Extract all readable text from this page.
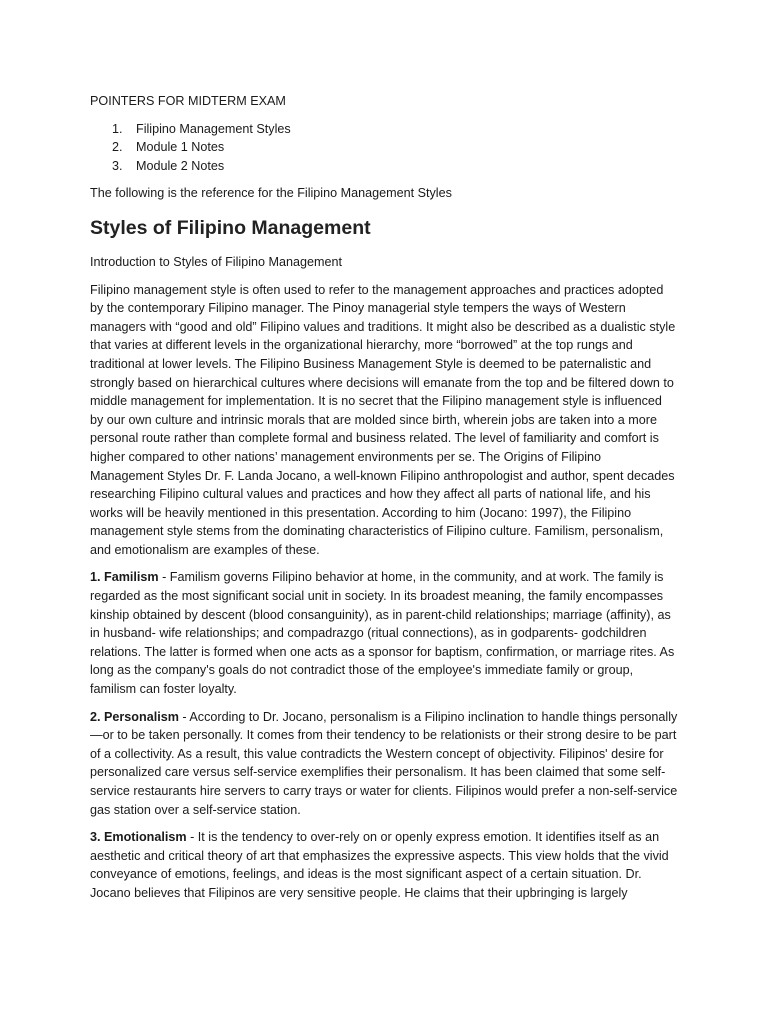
POINTERS FOR MIDTERM EXAM

1.	Filipino Management Styles
2.	Module 1 Notes
3.	Module 2 Notes

The following is the reference for the Filipino Management Styles

Styles of Filipino Management

Introduction to Styles of Filipino Management

Filipino management style is often used to refer to the management approaches and practices adopted by the contemporary Filipino manager. The Pinoy managerial style tempers the ways of Western managers with “good and old” Filipino values and traditions. It might also be described as a dualistic style that varies at different levels in the organizational hierarchy, more “borrowed” at the top rungs and traditional at lower levels. The Filipino Business Management Style is deemed to be paternalistic and strongly based on hierarchical cultures where decisions will emanate from the top and be filtered down to middle management for implementation. It is no secret that the Filipino management style is influenced by our own culture and intrinsic morals that are molded since birth, wherein jobs are taken into a more personal route rather than complete formal and business related. The level of familiarity and comfort is higher compared to other nations’ management environments per se. The Origins of Filipino Management Styles Dr. F. Landa Jocano, a well-known Filipino anthropologist and author, spent decades researching Filipino cultural values and practices and how they affect all parts of national life, and his works will be heavily mentioned in this presentation. According to him (Jocano: 1997), the Filipino management style stems from the dominating characteristics of Filipino culture. Familism, personalism, and emotionalism are examples of these.

1. Familism - Familism governs Filipino behavior at home, in the community, and at work. The family is regarded as the most significant social unit in society. In its broadest meaning, the family encompasses kinship obtained by descent (blood consanguinity), as in parent-child relationships; marriage (affinity), as in husband- wife relationships; and compadrazgo (ritual connections), as in godparents- godchildren relations. The latter is formed when one acts as a sponsor for baptism, confirmation, or marriage rites. As long as the company's goals do not contradict those of the employee's immediate family or group, familism can foster loyalty.

2. Personalism - According to Dr. Jocano, personalism is a Filipino inclination to handle things personally —or to be taken personally. It comes from their tendency to be relationists or their strong desire to be part of a collectivity. As a result, this value contradicts the Western concept of objectivity. Filipinos' desire for personalized care versus self-service exemplifies their personalism. It has been claimed that some self-service restaurants hire servers to carry trays or water for clients. Filipinos would prefer a non-self-service gas station over a self-service station.

3. Emotionalism - It is the tendency to over-rely on or openly express emotion. It identifies itself as an aesthetic and critical theory of art that emphasizes the expressive aspects. This view holds that the vivid conveyance of emotions, feelings, and ideas is the most significant aspect of a certain situation. Dr. Jocano believes that Filipinos are very sensitive people. He claims that their upbringing is largely
